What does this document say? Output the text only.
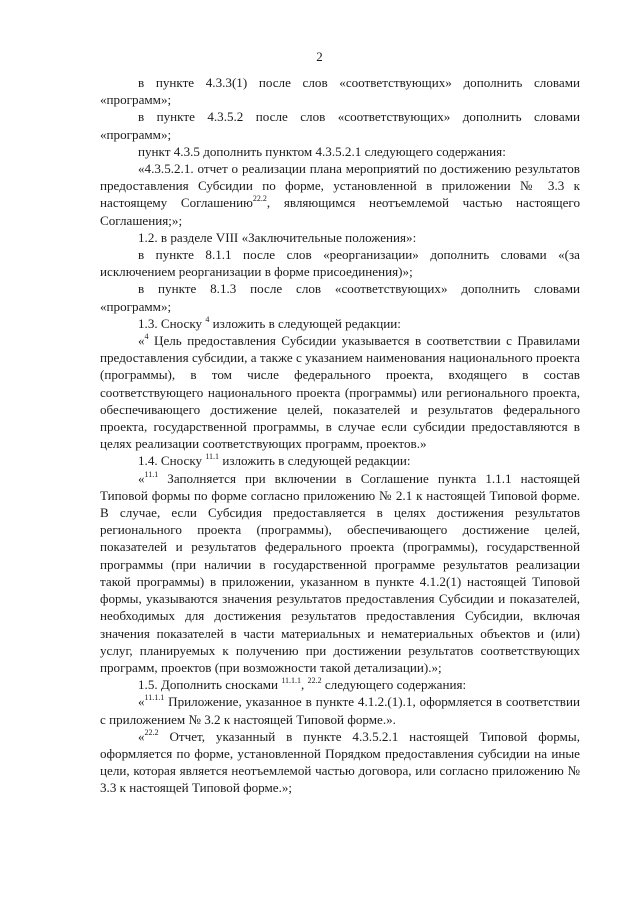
2

в пункте 4.3.3(1) после слов «соответствующих» дополнить словами «программ»;

в пункте 4.3.5.2 после слов «соответствующих» дополнить словами «программ»;

пункт 4.3.5 дополнить пунктом 4.3.5.2.1 следующего содержания:

«4.3.5.2.1. отчет о реализации плана мероприятий по достижению результатов предоставления Субсидии по форме, установленной в приложении № 3.3 к настоящему Соглашению$^{22.2}$, являющимся неотъемлемой частью настоящего Соглашения;»;

1.2. в разделе VIII «Заключительные положения»:

в пункте 8.1.1 после слов «реорганизации» дополнить словами «(за исключением реорганизации в форме присоединения)»;

в пункте 8.1.3 после слов «соответствующих» дополнить словами «программ»;

1.3. Сноску $^4$ изложить в следующей редакции:

«$^4$ Цель предоставления Субсидии указывается в соответствии с Правилами предоставления субсидии, а также с указанием наименования национального проекта (программы), в том числе федерального проекта, входящего в состав соответствующего национального проекта (программы) или регионального проекта, обеспечивающего достижение целей, показателей и результатов федерального проекта, государственной программы, в случае если субсидии предоставляются в целях реализации соответствующих программ, проектов.»

1.4. Сноску $^{11.1}$ изложить в следующей редакции:

«$^{11.1}$ Заполняется при включении в Соглашение пункта 1.1.1 настоящей Типовой формы по форме согласно приложению № 2.1 к настоящей Типовой форме. В случае, если Субсидия предоставляется в целях достижения результатов регионального проекта (программы), обеспечивающего достижение целей, показателей и результатов федерального проекта (программы), государственной программы (при наличии в государственной программе результатов реализации такой программы) в приложении, указанном в пункте 4.1.2(1) настоящей Типовой формы, указываются значения результатов предоставления Субсидии и показателей, необходимых для достижения результатов предоставления Субсидии, включая значения показателей в части материальных и нематериальных объектов и (или) услуг, планируемых к получению при достижении результатов соответствующих программ, проектов (при возможности такой детализации).»;

1.5. Дополнить сносками $^{11.1.1}$, $^{22.2}$ следующего содержания:

«$^{11.1.1}$ Приложение, указанное в пункте 4.1.2.(1).1, оформляется в соответствии с приложением № 3.2 к настоящей Типовой форме.».

«$^{22.2}$ Отчет, указанный в пункте 4.3.5.2.1 настоящей Типовой формы, оформляется по форме, установленной Порядком предоставления субсидии на иные цели, которая является неотъемлемой частью договора, или согласно приложению № 3.3 к настоящей Типовой форме.»;
